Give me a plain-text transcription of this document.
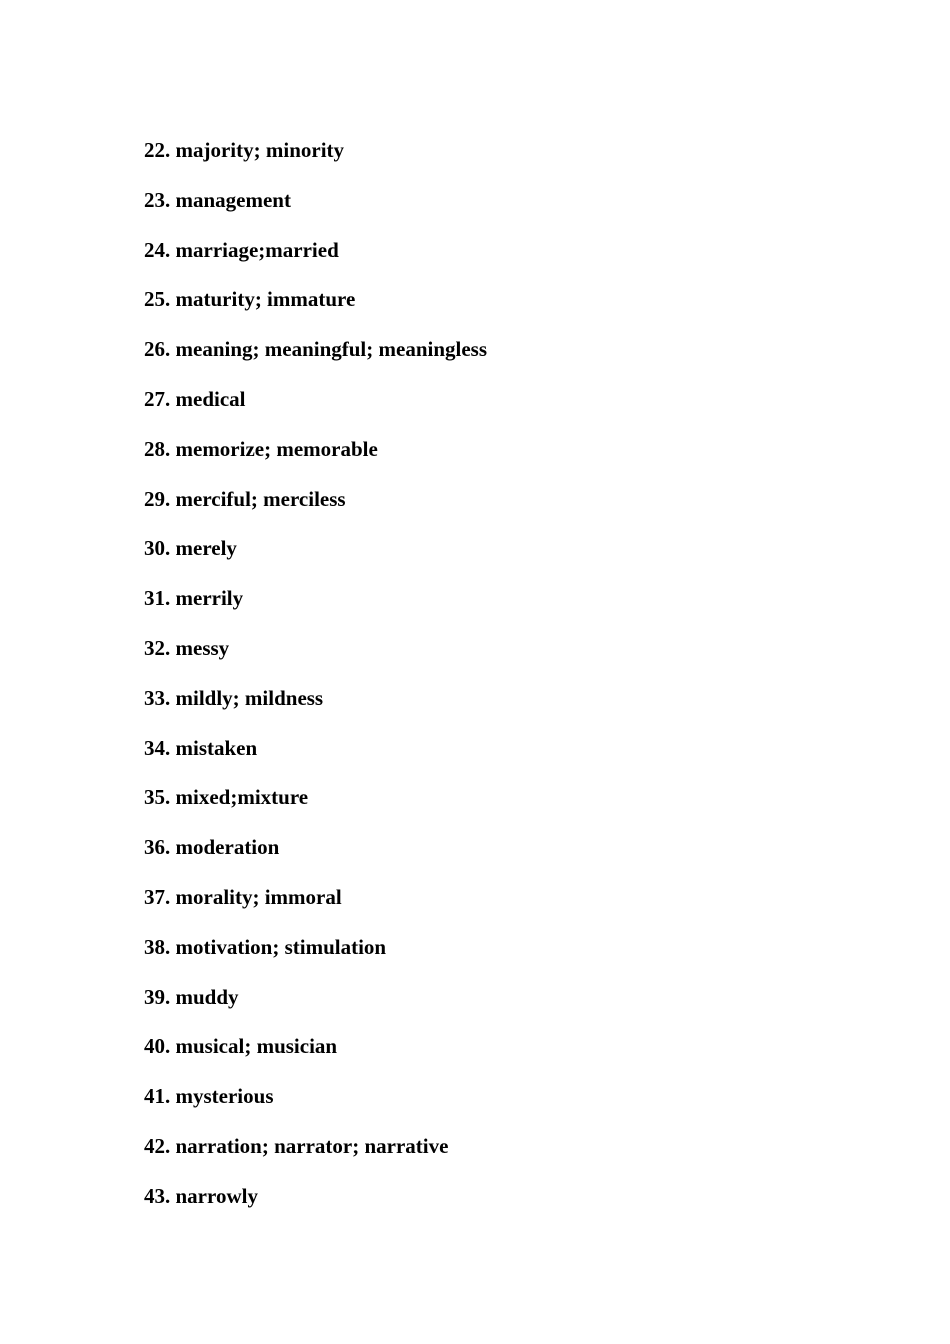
22. majority; minority
23. management
24. marriage;married
25. maturity; immature
26. meaning; meaningful; meaningless
27. medical
28. memorize; memorable
29. merciful; merciless
30. merely
31. merrily
32. messy
33. mildly; mildness
34. mistaken
35. mixed;mixture
36. moderation
37. morality; immoral
38. motivation; stimulation
39. muddy
40. musical; musician
41. mysterious
42. narration; narrator; narrative
43. narrowly
